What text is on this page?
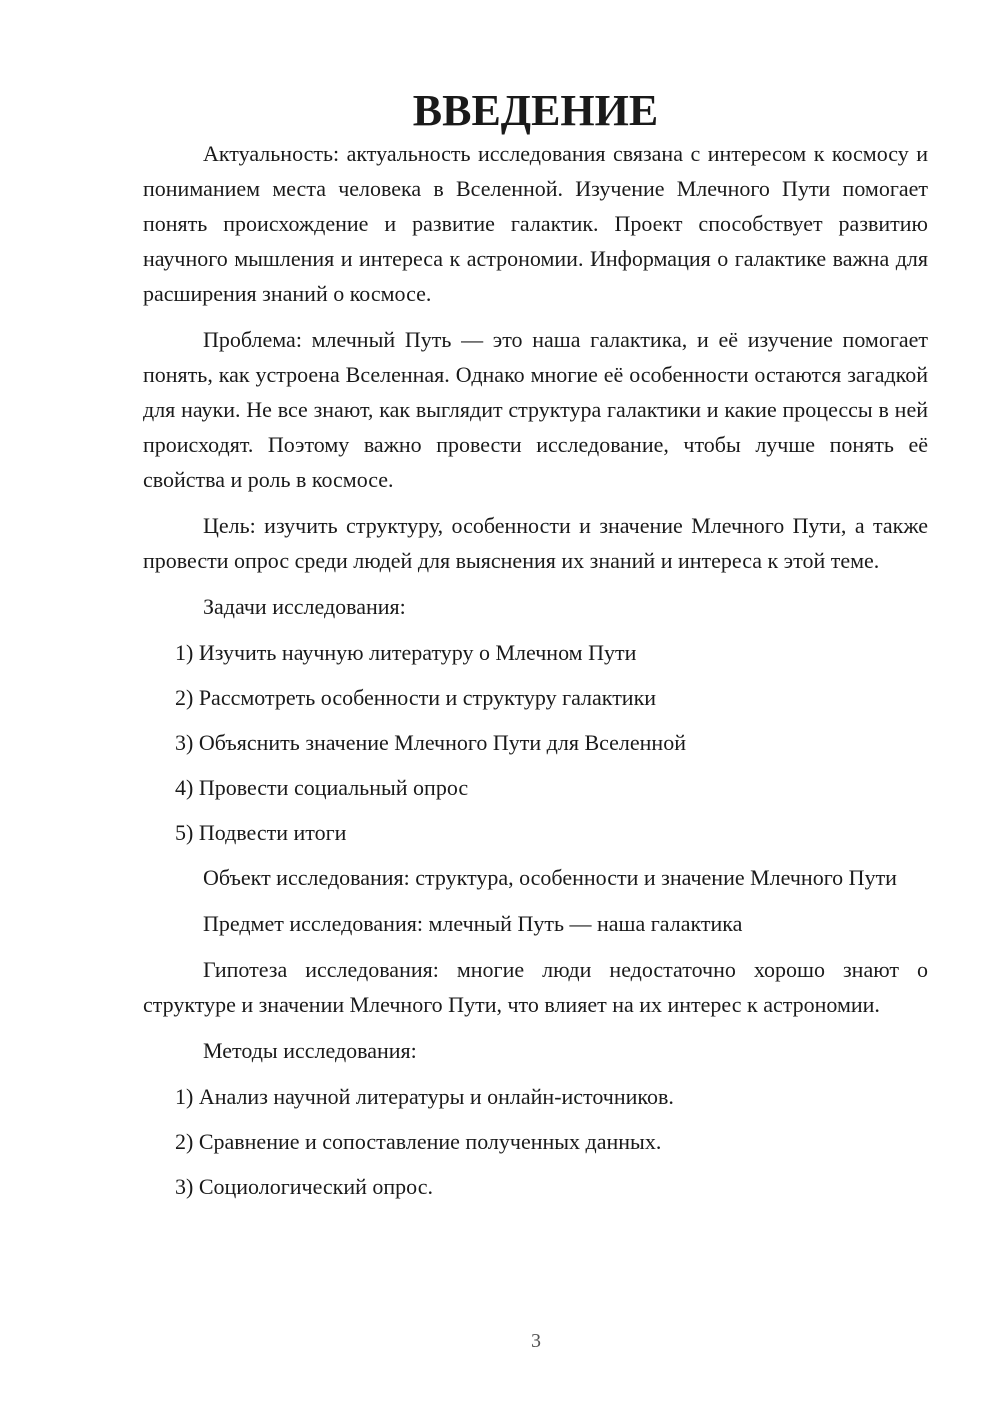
ВВЕДЕНИЕ

Актуальность: актуальность исследования связана с интересом к космосу и пониманием места человека в Вселенной. Изучение Млечного Пути помогает понять происхождение и развитие галактик. Проект способствует развитию научного мышления и интереса к астрономии. Информация о галактике важна для расширения знаний о космосе.

Проблема: млечный Путь — это наша галактика, и её изучение помогает понять, как устроена Вселенная. Однако многие её особенности остаются загадкой для науки. Не все знают, как выглядит структура галактики и какие процессы в ней происходят. Поэтому важно провести исследование, чтобы лучше понять её свойства и роль в космосе.

Цель: изучить структуру, особенности и значение Млечного Пути, а также провести опрос среди людей для выяснения их знаний и интереса к этой теме.

Задачи исследования:

1) Изучить научную литературу о Млечном Пути
2) Рассмотреть особенности и структуру галактики
3) Объяснить значение Млечного Пути для Вселенной
4) Провести социальный опрос
5) Подвести итоги

Объект исследования: структура, особенности и значение Млечного Пути

Предмет исследования: млечный Путь — наша галактика

Гипотеза исследования: многие люди недостаточно хорошо знают о структуре и значении Млечного Пути, что влияет на их интерес к астрономии.

Методы исследования:

1) Анализ научной литературы и онлайн-источников.
2) Сравнение и сопоставление полученных данных.
3) Социологический опрос.
3
